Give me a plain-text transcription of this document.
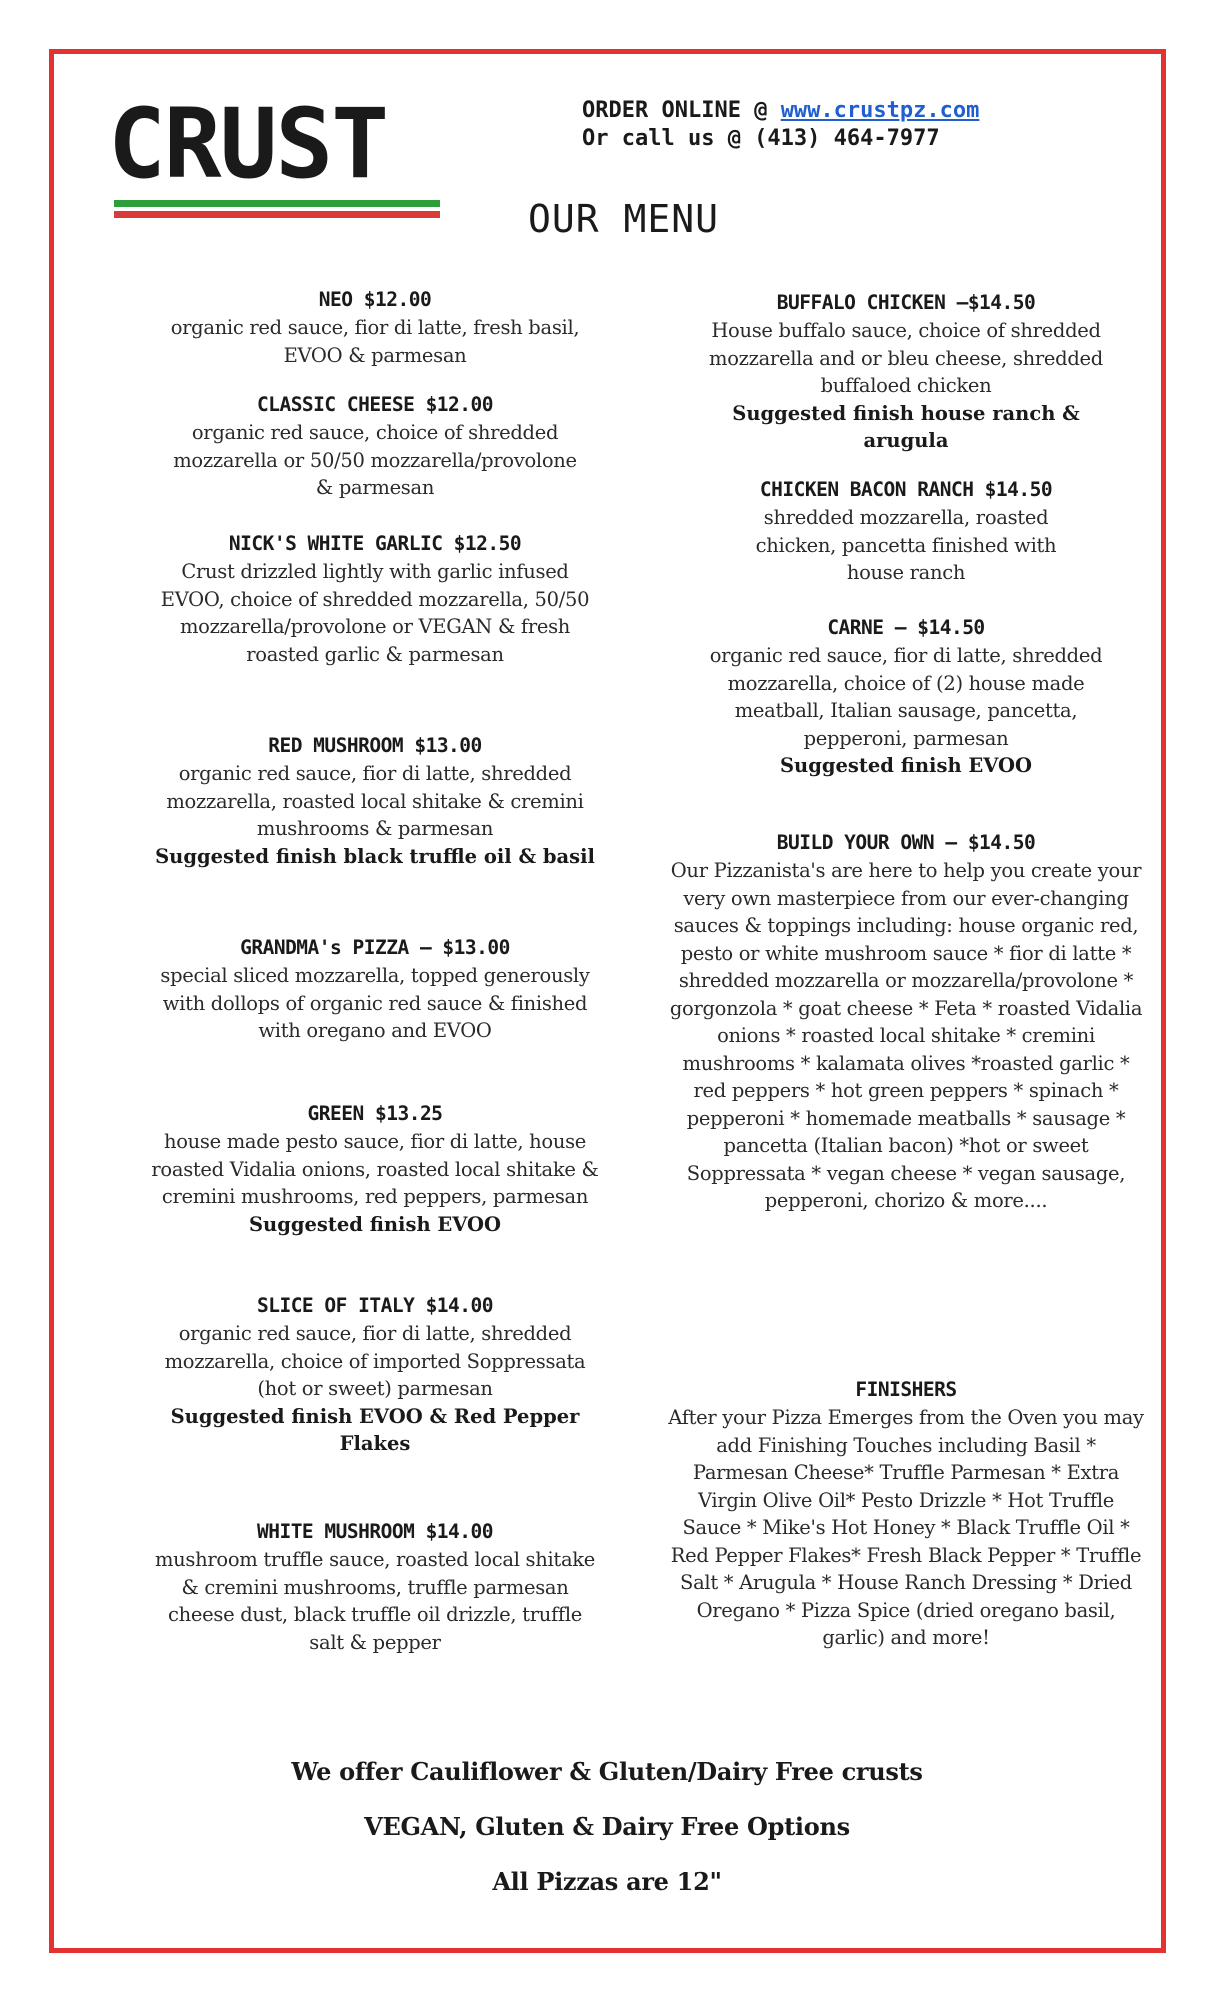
CRUST	ORDER ONLINE @ www.crustpz.com
Or call us @ (413) 464-7977
OUR MENU
NEO $12.00
organic red sauce, fior di latte, fresh basil, EVOO & parmesan
CLASSIC CHEESE $12.00
organic red sauce, choice of shredded mozzarella or 50/50 mozzarella/provolone & parmesan
NICK'S WHITE GARLIC $12.50
Crust drizzled lightly with garlic infused EVOO, choice of shredded mozzarella, 50/50 mozzarella/provolone or VEGAN & fresh roasted garlic & parmesan
RED MUSHROOM $13.00
organic red sauce, fior di latte, shredded mozzarella, roasted local shitake & cremini mushrooms & parmesan
Suggested finish black truffle oil & basil
GRANDMA's PIZZA – $13.00
special sliced mozzarella, topped generously with dollops of organic red sauce & finished with oregano and EVOO
GREEN $13.25
house made pesto sauce, fior di latte, house roasted Vidalia onions, roasted local shitake & cremini mushrooms, red peppers, parmesan
Suggested finish EVOO
SLICE OF ITALY $14.00
organic red sauce, fior di latte, shredded mozzarella, choice of imported Soppressata (hot or sweet) parmesan
Suggested finish EVOO & Red Pepper Flakes
WHITE MUSHROOM $14.00
mushroom truffle sauce, roasted local shitake & cremini mushrooms, truffle parmesan cheese dust, black truffle oil drizzle, truffle salt & pepper
BUFFALO CHICKEN –$14.50
House buffalo sauce, choice of shredded mozzarella and or bleu cheese, shredded buffaloed chicken
Suggested finish house ranch & arugula
CHICKEN BACON RANCH $14.50
shredded mozzarella, roasted chicken, pancetta finished with house ranch
CARNE – $14.50
organic red sauce, fior di latte, shredded mozzarella, choice of (2) house made meatball, Italian sausage, pancetta, pepperoni, parmesan
Suggested finish EVOO
BUILD YOUR OWN – $14.50
Our Pizzanista's are here to help you create your very own masterpiece from our ever-changing sauces & toppings including: house organic red, pesto or white mushroom sauce * fior di latte * shredded mozzarella or mozzarella/provolone * gorgonzola * goat cheese * Feta * roasted Vidalia onions * roasted local shitake * cremini mushrooms * kalamata olives *roasted garlic * red peppers * hot green peppers * spinach * pepperoni * homemade meatballs * sausage * pancetta (Italian bacon) *hot or sweet Soppressata * vegan cheese * vegan sausage, pepperoni, chorizo & more....
FINISHERS
After your Pizza Emerges from the Oven you may add Finishing Touches including Basil * Parmesan Cheese* Truffle Parmesan * Extra Virgin Olive Oil* Pesto Drizzle * Hot Truffle Sauce * Mike's Hot Honey * Black Truffle Oil * Red Pepper Flakes* Fresh Black Pepper * Truffle Salt * Arugula * House Ranch Dressing * Dried Oregano * Pizza Spice (dried oregano basil, garlic) and more!
We offer Cauliflower & Gluten/Dairy Free crusts
VEGAN, Gluten & Dairy Free Options
All Pizzas are 12"
